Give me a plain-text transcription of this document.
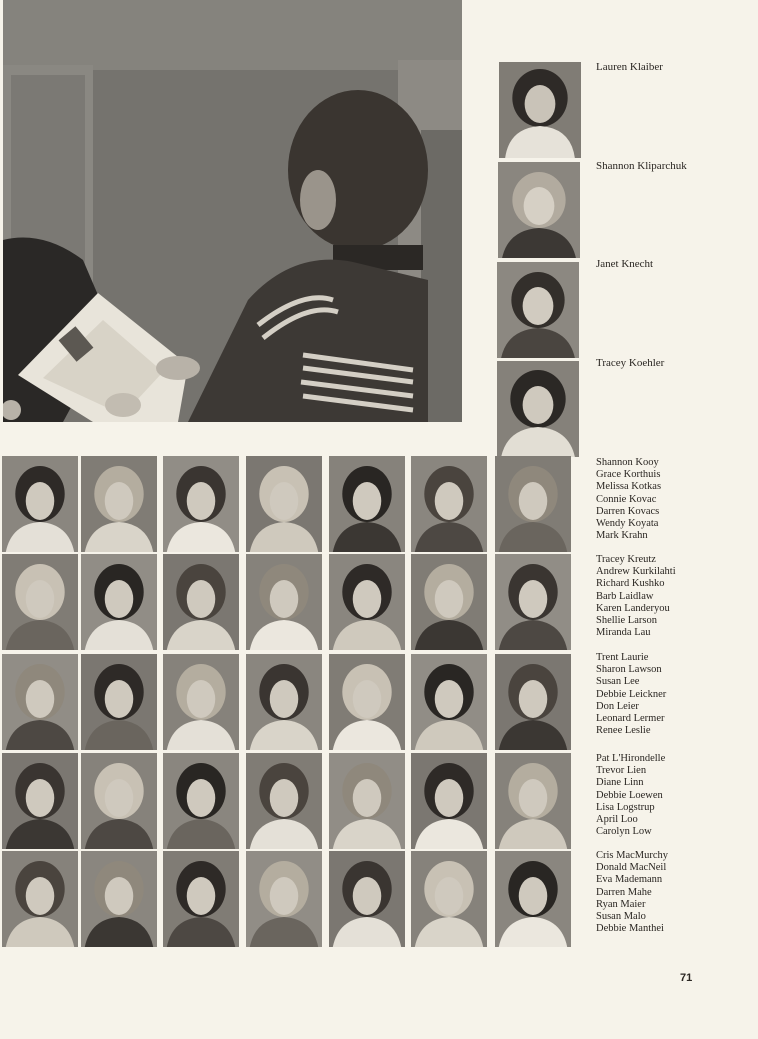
Lauren Klaiber
Shannon Kliparchuk
Janet Knecht
Tracey Koehler
Shannon Kooy
Grace Korthuis
Melissa Kotkas
Connie Kovac
Darren Kovacs
Wendy Koyata
Mark Krahn
Tracey Kreutz
Andrew Kurkilahti
Richard Kushko
Barb Laidlaw
Karen Landeryou
Shellie Larson
Miranda Lau
Trent Laurie
Sharon Lawson
Susan Lee
Debbie Leickner
Don Leier
Leonard Lermer
Renee Leslie
Pat L'Hirondelle
Trevor Lien
Diane Linn
Debbie Loewen
Lisa Logstrup
April Loo
Carolyn Low
Cris MacMurchy
Donald MacNeil
Eva Mademann
Darren Mahe
Ryan Maier
Susan Malo
Debbie Manthei
71
